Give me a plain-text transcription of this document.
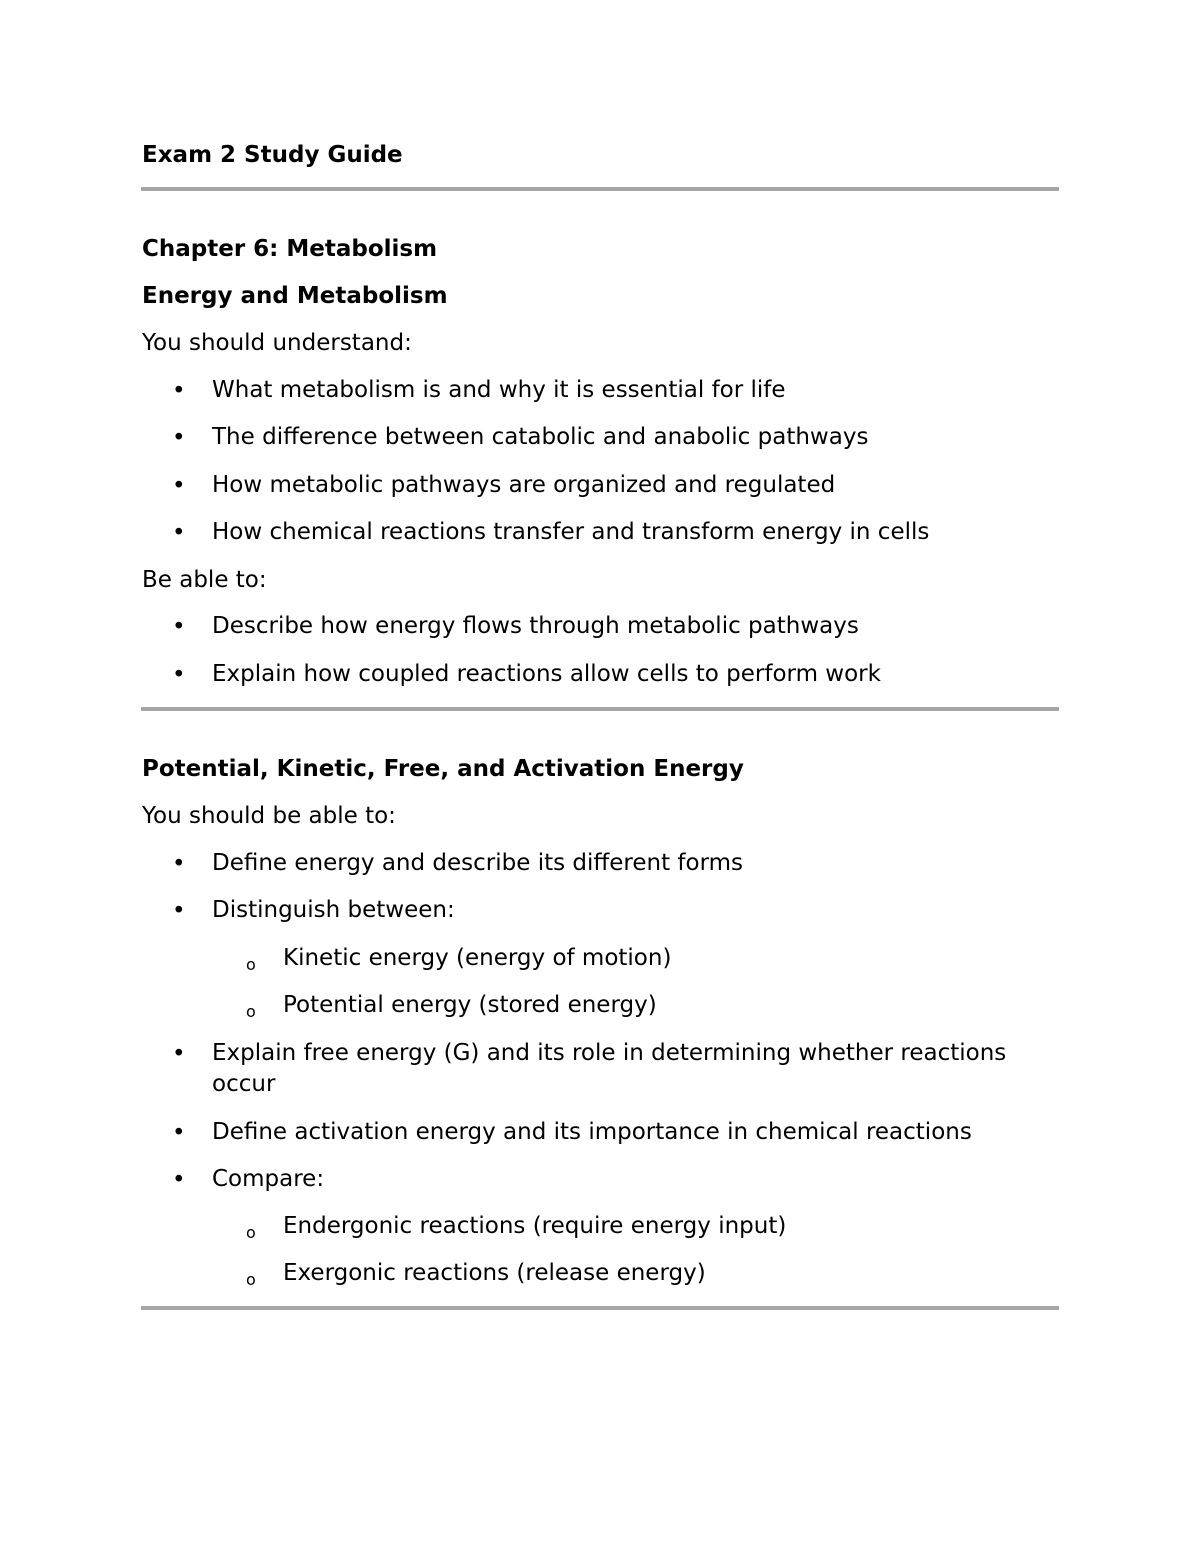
Exam 2 Study Guide
Chapter 6: Metabolism
Energy and Metabolism
You should understand:
• What metabolism is and why it is essential for life
• The difference between catabolic and anabolic pathways
• How metabolic pathways are organized and regulated
• How chemical reactions transfer and transform energy in cells
Be able to:
• Describe how energy flows through metabolic pathways
• Explain how coupled reactions allow cells to perform work
Potential, Kinetic, Free, and Activation Energy
You should be able to:
• Define energy and describe its different forms
• Distinguish between:
o Kinetic energy (energy of motion)
o Potential energy (stored energy)
• Explain free energy (G) and its role in determining whether reactions occur
• Define activation energy and its importance in chemical reactions
• Compare:
o Endergonic reactions (require energy input)
o Exergonic reactions (release energy)
